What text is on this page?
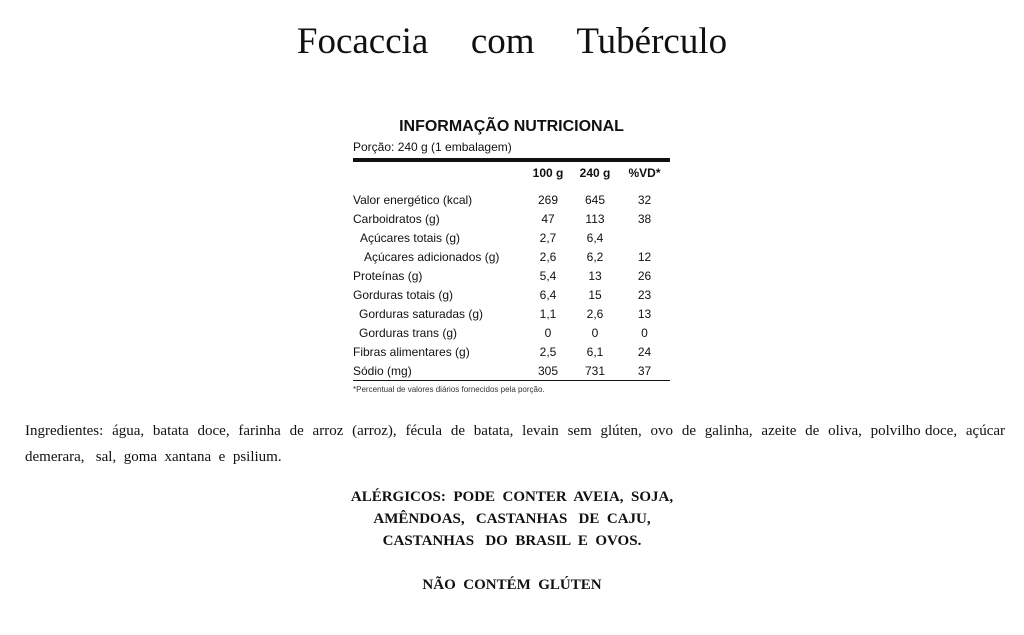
Focaccia  com  Tubérculo
INFORMAÇÃO NUTRICIONAL
Porção: 240 g (1 embalagem)
	100 g	240 g	%VD*

Valor energético (kcal)	269	645	32
Carboidratos (g)	47	113	38
Açúcares totais (g)	2,7	6,4	
Açúcares adicionados (g)	2,6	6,2	12
Proteínas (g)	5,4	13	26
Gorduras totais (g)	6,4	15	23
Gorduras saturadas (g)	1,1	2,6	13
Gorduras trans (g)	0	0	0
Fibras alimentares (g)	2,5	6,1	24
Sódio (mg)	305	731	37
*Percentual de valores diários fornecidos pela porção.
Ingredientes:  água,  batata  doce,  farinha  de  arroz  (arroz),  fécula  de  batata,  levain  sem  glúten,  ovo  de  galinha,  azeite  de  oliva,  polvilho doce,  açúcar  demerara,   sal,  goma  xantana  e  psilium.
ALÉRGICOS:  PODE  CONTER  AVEIA,  SOJA,
AMÊNDOAS,   CASTANHAS   DE  CAJU,
CASTANHAS   DO  BRASIL  E  OVOS.
NÃO  CONTÉM  GLÚTEN
